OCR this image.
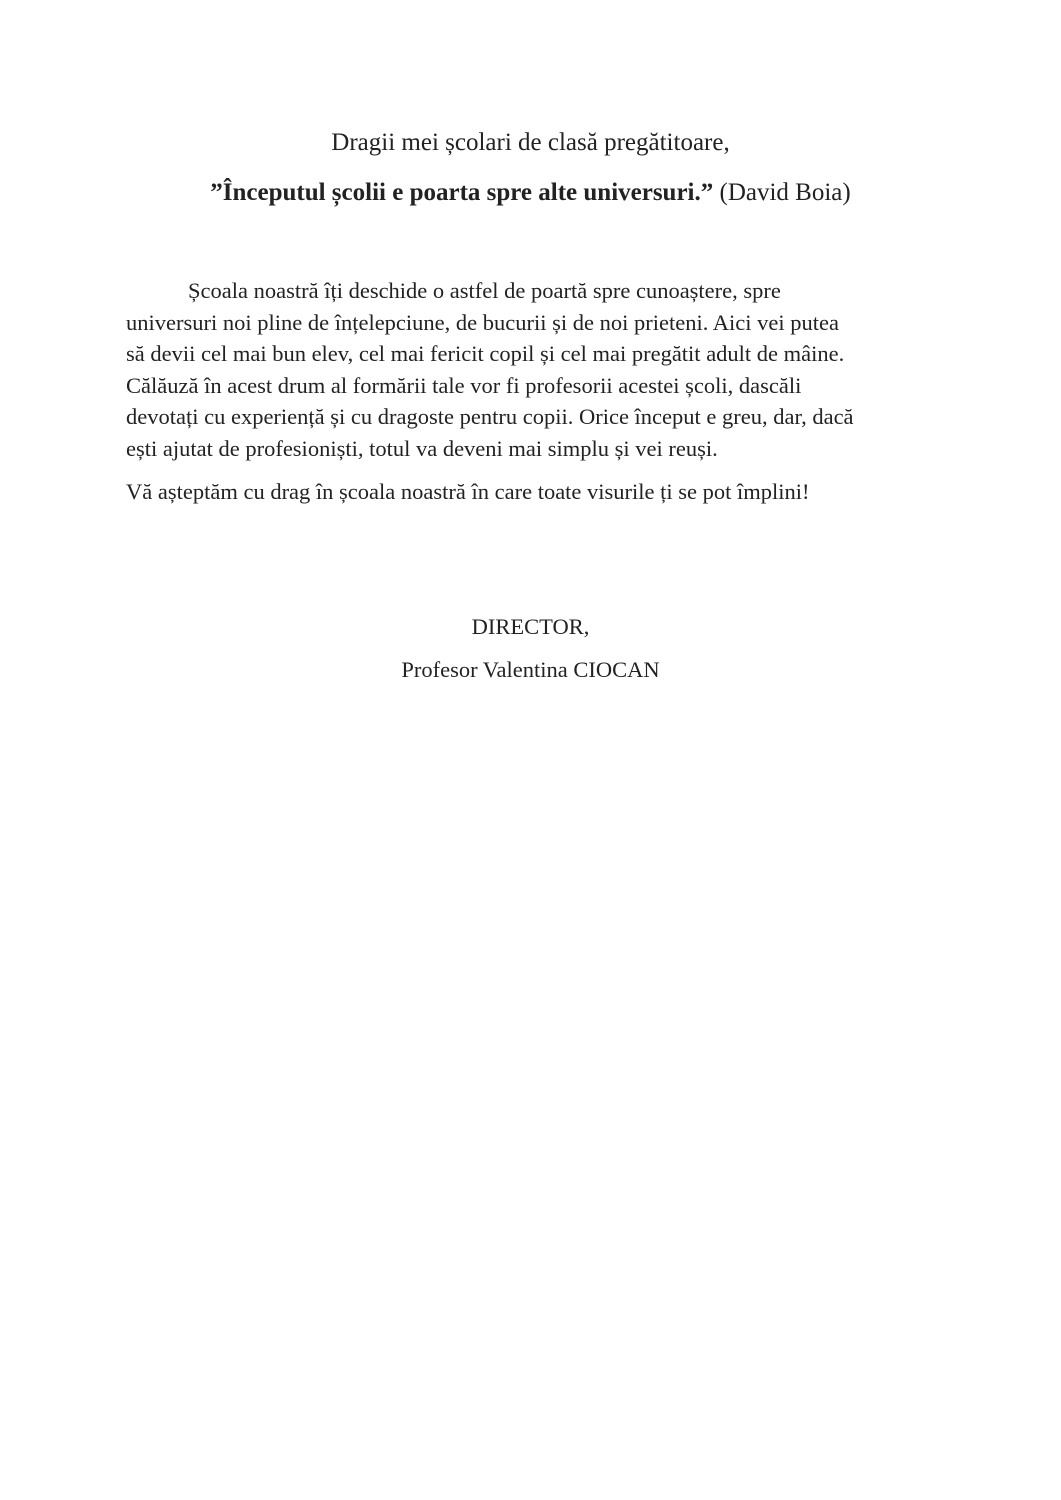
Dragii mei școlari de clasă pregătitoare,
”Începutul școlii e poarta spre alte universuri.” (David Boia)

Școala noastră îți deschide o astfel de poartă spre cunoaștere, spre
universuri noi pline de înțelepciune, de bucurii și de noi prieteni. Aici vei putea
să devii cel mai bun elev, cel mai fericit copil și cel mai pregătit adult de mâine.
Călăuză în acest drum al formării tale vor fi profesorii acestei școli, dascăli
devotați cu experiență și cu dragoste pentru copii. Orice început e greu, dar, dacă
ești ajutat de profesioniști, totul va deveni mai simplu și vei reuși.

Vă așteptăm cu drag în școala noastră în care toate visurile ți se pot împlini!

DIRECTOR,
Profesor Valentina CIOCAN
